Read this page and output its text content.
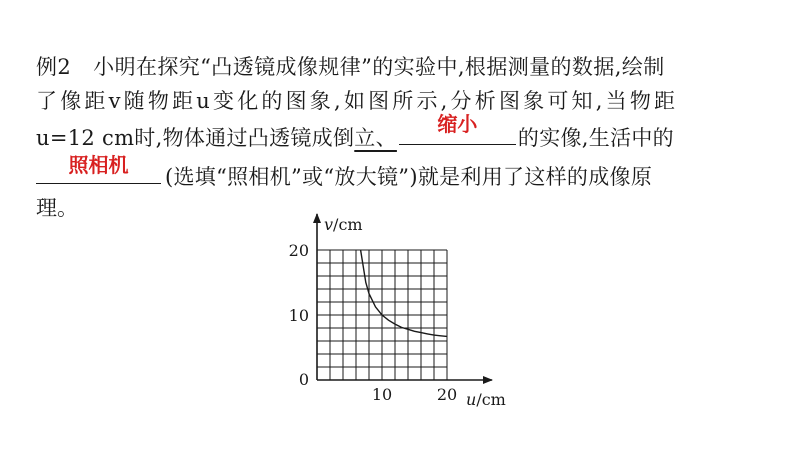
例2 小明在探究“凸透镜成像规律”的实验中,根据测量的数据,绘制
了像距v随物距u变化的图象,如图所示,分析图象可知,当物距
u=12 cm时,物体通过凸透镜成倒立、
缩小
的实像,生活中的
照相机	(选填“照相机”或“放大镜”)就是利用了这样的成像原
理。
0
10
20
10	20
v/cm
u/cm
